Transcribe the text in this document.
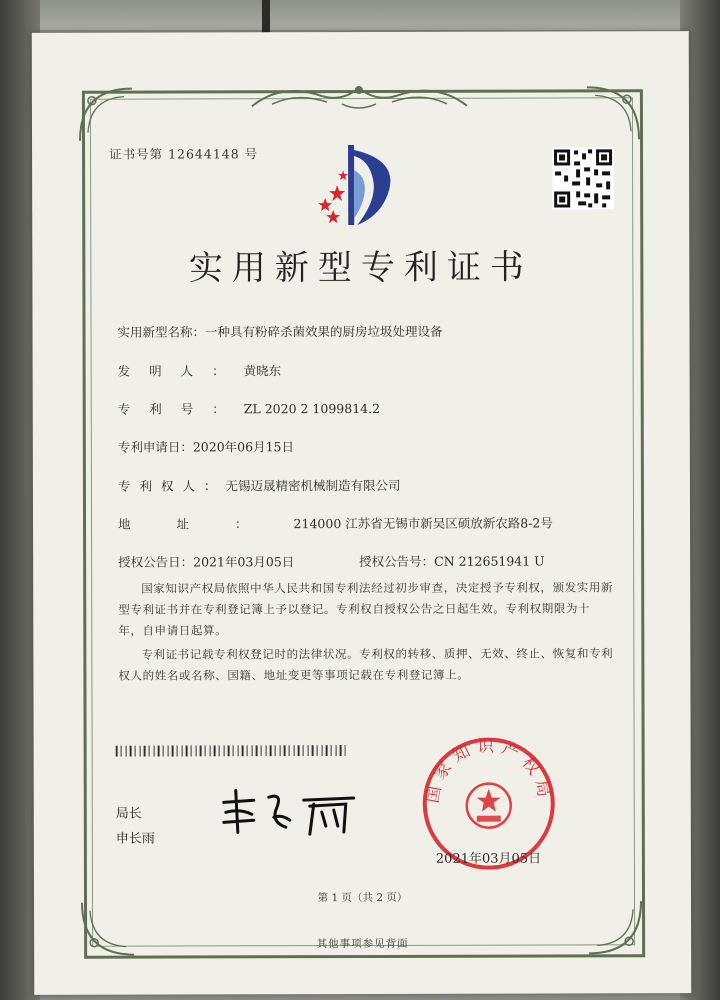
证书号第 12644148 号
实用新型专利证书
实用新型名称：一种具有粉碎杀菌效果的厨房垃圾处理设备
发明人：黄晓东
专利号：ZL 2020 2 1099814.2
专利申请日：2020年06月15日
专利权人：无锡迈晟精密机械制造有限公司
地址：214000 江苏省无锡市新吴区硕放新农路8-2号
授权公告日：2021年03月05日	授权公告号：CN 212651941 U
国家知识产权局依照中华人民共和国专利法经过初步审查，决定授予专利权，颁发实用新型专利证书并在专利登记簿上予以登记。专利权自授权公告之日起生效。专利权期限为十年，自申请日起算。
专利证书记载专利权登记时的法律状况。专利权的转移、质押、无效、终止、恢复和专利权人的姓名或名称、国籍、地址变更等事项记载在专利登记簿上。
局长
申长雨
国家知识产权局
2021年03月05日
第 1 页（共 2 页）
其他事项参见背面
